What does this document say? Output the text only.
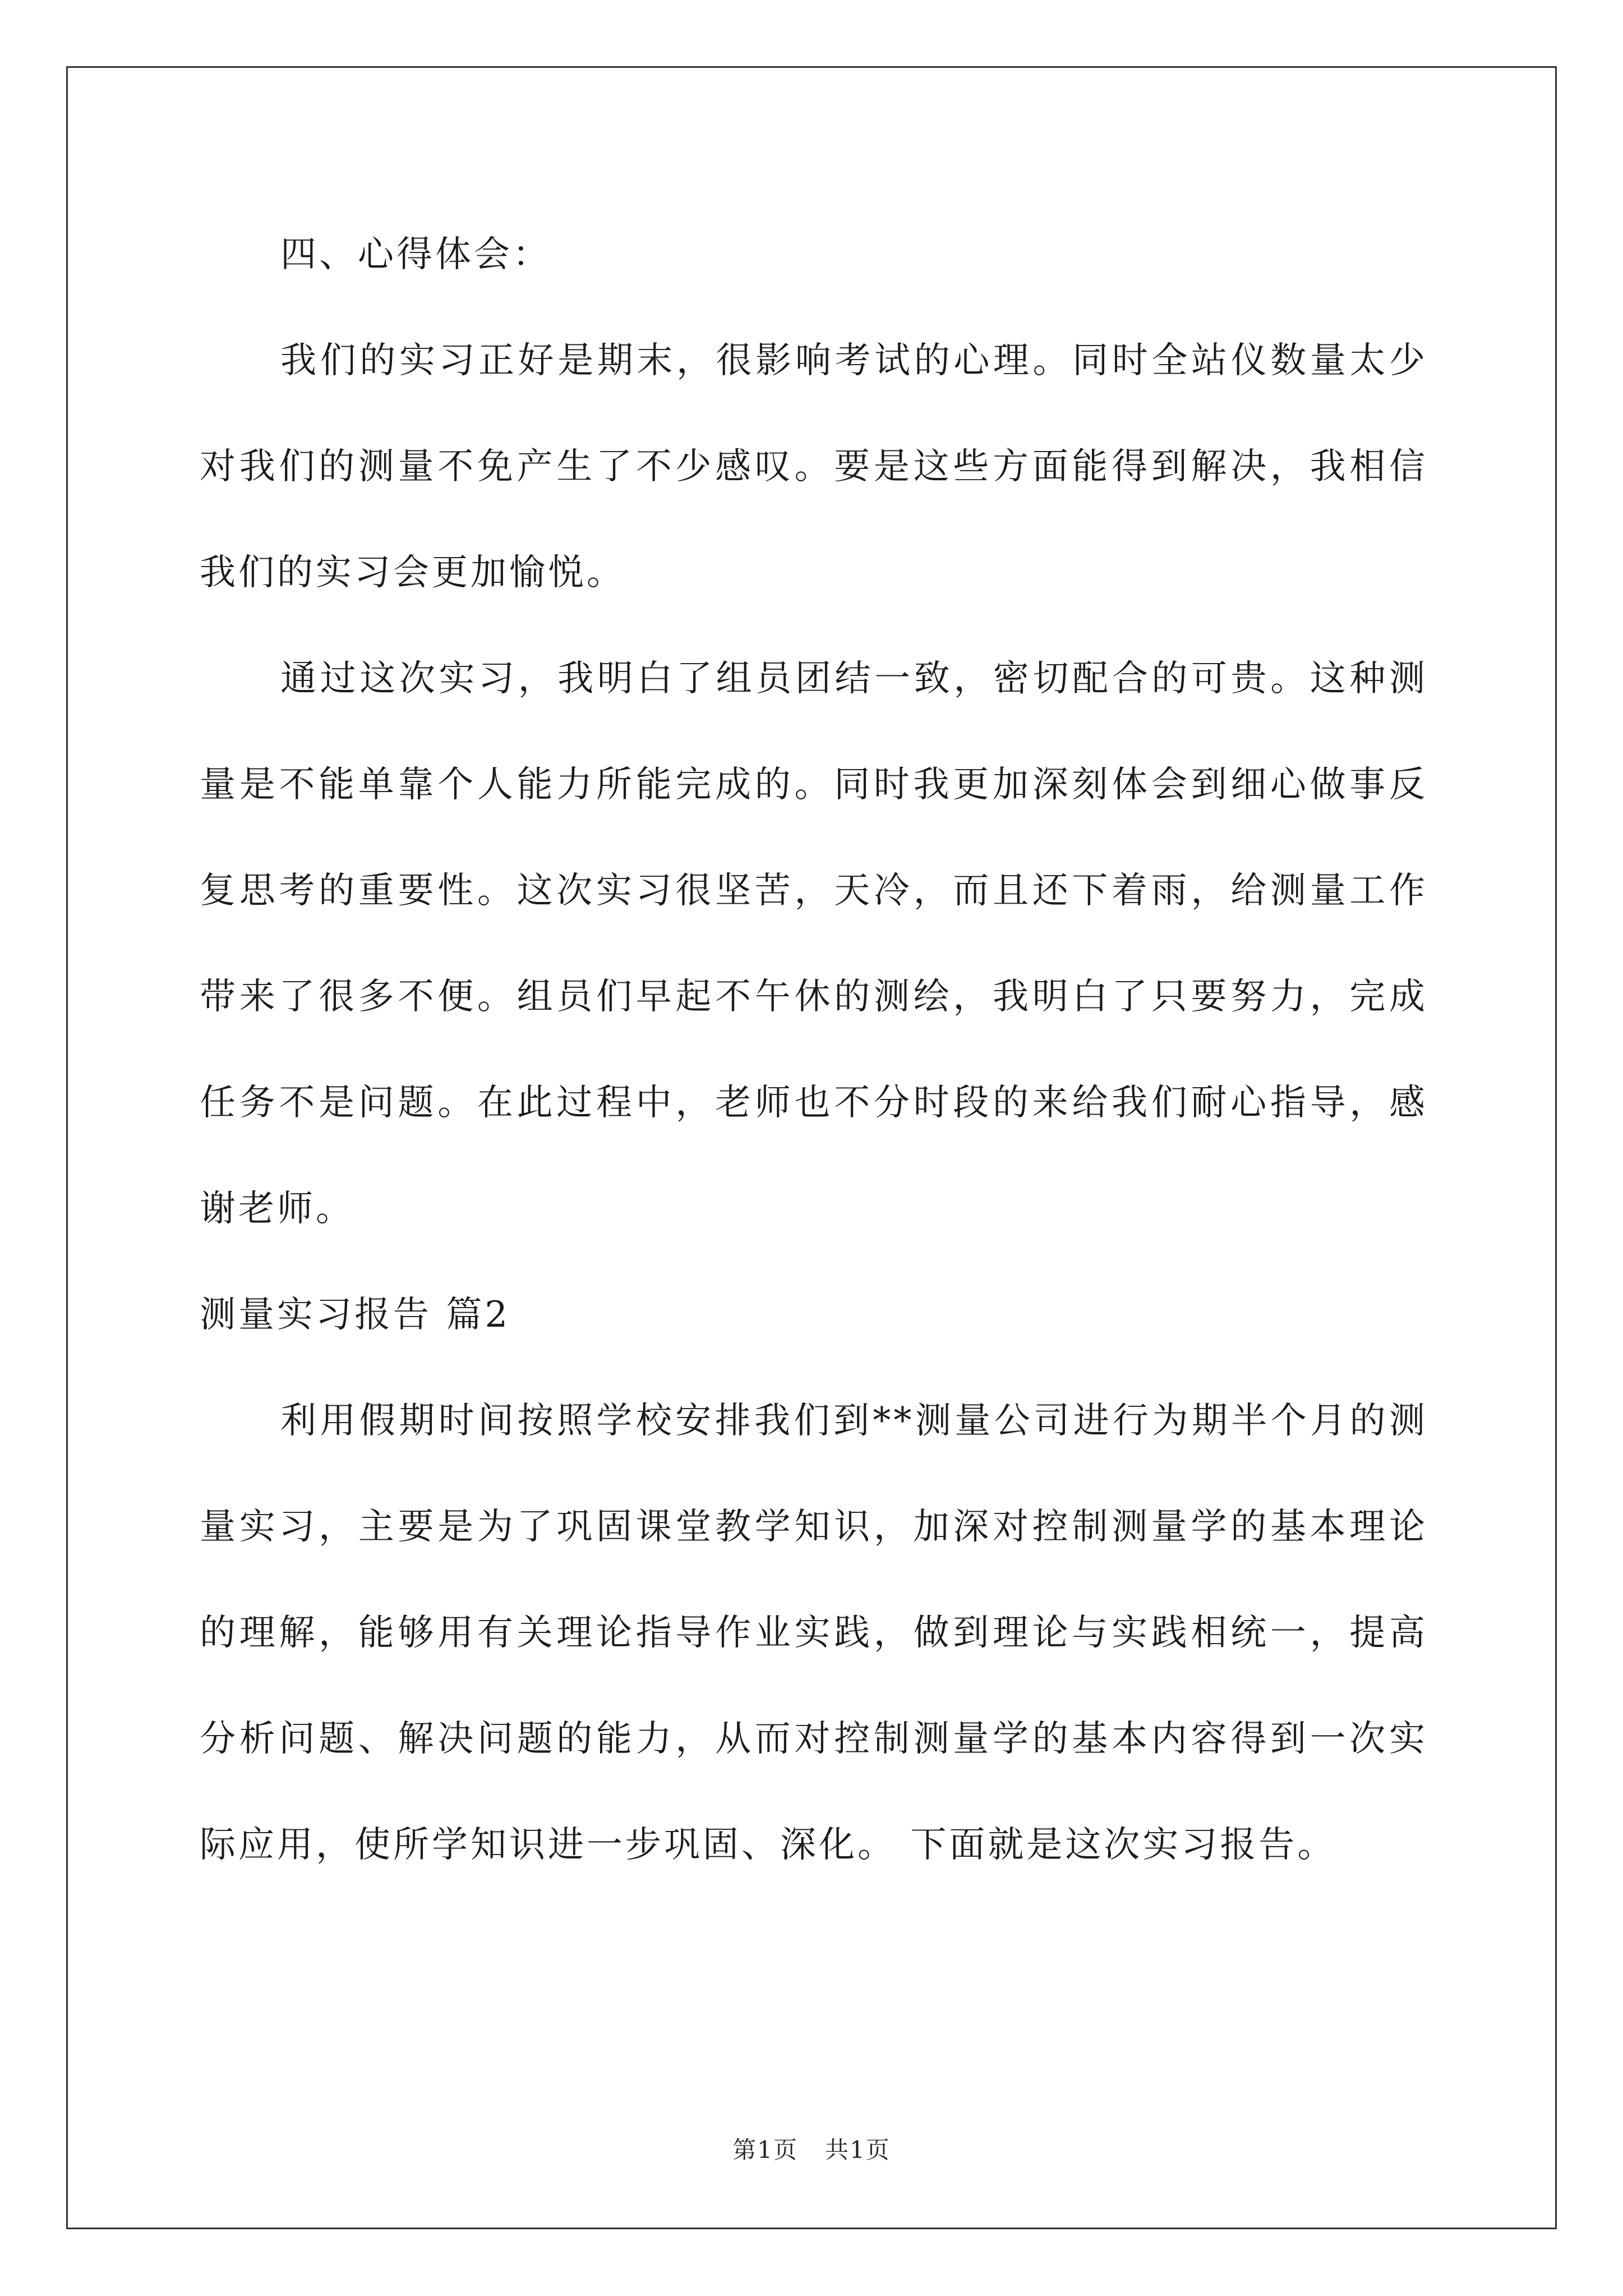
四、心得体会：

我们的实习正好是期末，很影响考试的心理。同时全站仪数量太少对我们的测量不免产生了不少感叹。要是这些方面能得到解决，我相信我们的实习会更加愉悦。

通过这次实习，我明白了组员团结一致，密切配合的可贵。这种测量是不能单靠个人能力所能完成的。同时我更加深刻体会到细心做事反复思考的重要性。这次实习很坚苦，天冷，而且还下着雨，给测量工作带来了很多不便。组员们早起不午休的测绘，我明白了只要努力，完成任务不是问题。在此过程中，老师也不分时段的来给我们耐心指导，感谢老师。

测量实习报告 篇2

利用假期时间按照学校安排我们到**测量公司进行为期半个月的测量实习，主要是为了巩固课堂教学知识，加深对控制测量学的基本理论的理解，能够用有关理论指导作业实践，做到理论与实践相统一，提高分析问题、解决问题的能力，从而对控制测量学的基本内容得到一次实际应用，使所学知识进一步巩固、深化。 下面就是这次实习报告。

第1页 共1页
